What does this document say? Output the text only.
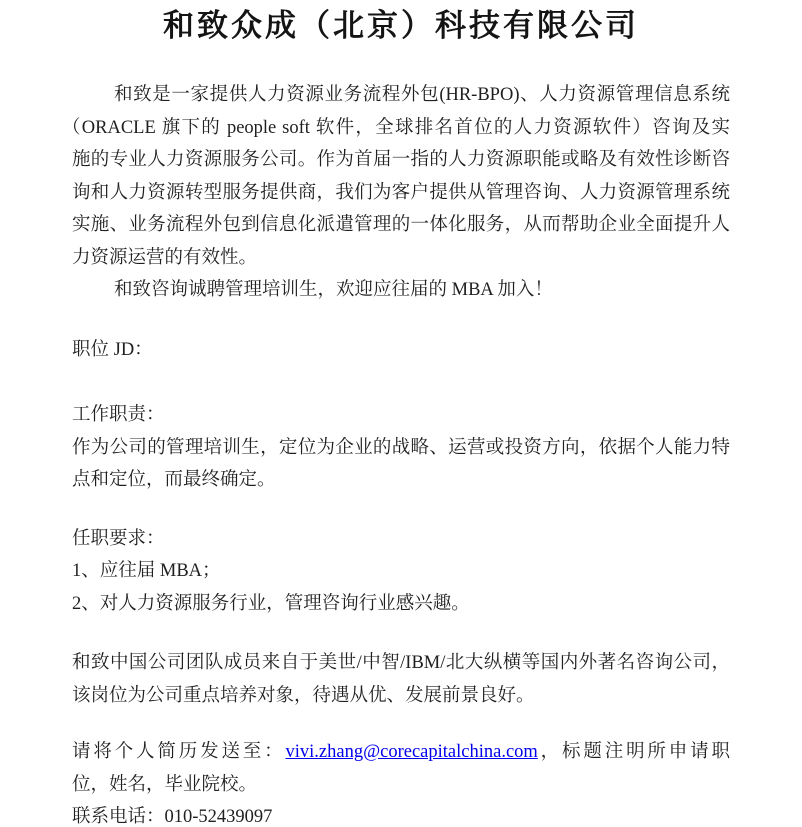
和致众成（北京）科技有限公司
和致是一家提供人力资源业务流程外包(HR-BPO)、人力资源管理信息系统
（ORACLE 旗下的 people soft 软件，全球排名首位的人力资源软件）咨询及实
施的专业人力资源服务公司。作为首届一指的人力资源职能或略及有效性诊断咨
询和人力资源转型服务提供商，我们为客户提供从管理咨询、人力资源管理系统
实施、业务流程外包到信息化派遣管理的一体化服务，从而帮助企业全面提升人
力资源运营的有效性。
和致咨询诚聘管理培训生，欢迎应往届的 MBA 加入！
职位 JD：
工作职责：
作为公司的管理培训生，定位为企业的战略、运营或投资方向，依据个人能力特
点和定位，而最终确定。
任职要求：
1、应往届 MBA；
2、对人力资源服务行业，管理咨询行业感兴趣。
和致中国公司团队成员来自于美世/中智/IBM/北大纵横等国内外著名咨询公司，
该岗位为公司重点培养对象，待遇从优、发展前景良好。
请将个人简历发送至：vivi.zhang@corecapitalchina.com，标题注明所申请职
位，姓名，毕业院校。
联系电话：010-52439097
